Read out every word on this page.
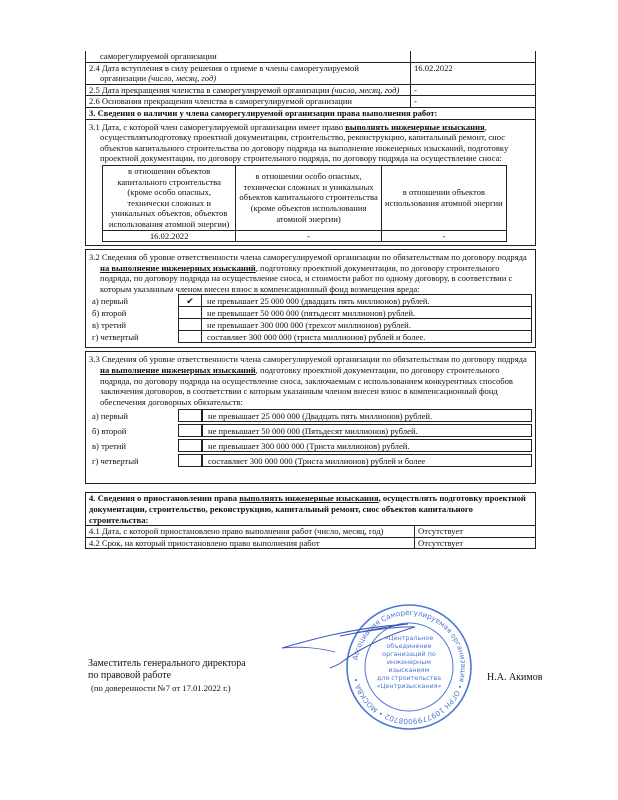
саморегулируемой организации	

2.4 Дата вступления в силу решения о приеме в члены саморегулируемой организации (число, месяц, год)	16.02.2022

2.5 Дата прекращения членства в саморегулируемой организации (число, месяц, год)	-

2.6 Основания прекращения членства в саморегулируемой организации	-
3. Сведения о наличии у члена саморегулируемой организации права выполнения работ:	
3.1 Дата, с которой член саморегулируемой организации имеет право выполнять инженерные изыскания, осуществлятьподготовку проектной документации, строительство, реконструкцию, капитальный ремонт, снос объектов капитального строительства по договору подряда на выполнение инженерных изысканий, подготовку проектной документации, по договору строительного подряда, по договору подряда на осуществление сноса:
в отношении объектов капитального строительства (кроме особо опасных, технически сложных и уникальных объектов, объектов использования атомной энергии)	в отношении особо опасных, технически сложных и уникальных объектов капитального строительства (кроме объектов использования атомной энергии)	в отношении объектов использования атомной энергии
16.02.2022	-	-
3.2 Сведения об уровне ответственности члена саморегулируемой организации по обязательствам по договору подряда на выполнение инженерных изысканий, подготовку проектной документации, по договору строительного подряда, по договору подряда на осуществление сноса, и стоимости работ по одному договору, в соответствии с которым указанным членом внесен взнос в компенсационный фонд возмещения вреда:
а) первый	✔	не превышает 25 000 000 (двадцать пять миллионов) рублей.
б) второй		не превышает 50 000 000 (пятьдесят миллионов) рублей.
в) третий		не превышает 300 000 000 (трехсот миллионов) рублей.
г) четвертый		составляет 300 000 000 (триста миллионов) рублей и более.
3.3 Сведения об уровне ответственности члена саморегулируемой организации по обязательствам по договору подряда на выполнение инженерных изысканий, подготовку проектной документации, по договору строительного подряда, по договору подряда на осуществление сноса, заключаемым с использованием конкурентных способов заключения договоров, в соответствии с которым указанным членом внесен взнос в компенсационный фонд обеспечения договорных обязательств:
а) первый		не превышает 25 000 000 (Двадцать пять миллионов) рублей.
б) второй		не превышает 50 000 000 (Пятьдесят миллионов) рублей.
в) третий		не превышает 300 000 000 (Триста миллионов) рублей.
г) четвертый		составляет 300 000 000 (Триста миллионов) рублей и более
4. Сведения о приостановлении права выполнять инженерные изыскания, осуществлять подготовку проектной документации, строительство, реконструкцию, капитальный ремонт, снос объектов капитального строительства:	

4.1 Дата, с которой приостановлено право выполнения работ (число, месяц, год)	Отсутствует

4.2 Срок, на который приостановлено право выполнения работ	Отсутствует
Заместитель генерального директора
по правовой работе
(по доверенности №7 от 17.01.2022 г.)
Ассоциация Саморегулируемая организация • ОГРН 1097799008702 • МОСКВА •
«Центральное
объединение
организаций по
инженерным
изысканиям
для строительства
«Центризыскания»
Н.А. Акимов
